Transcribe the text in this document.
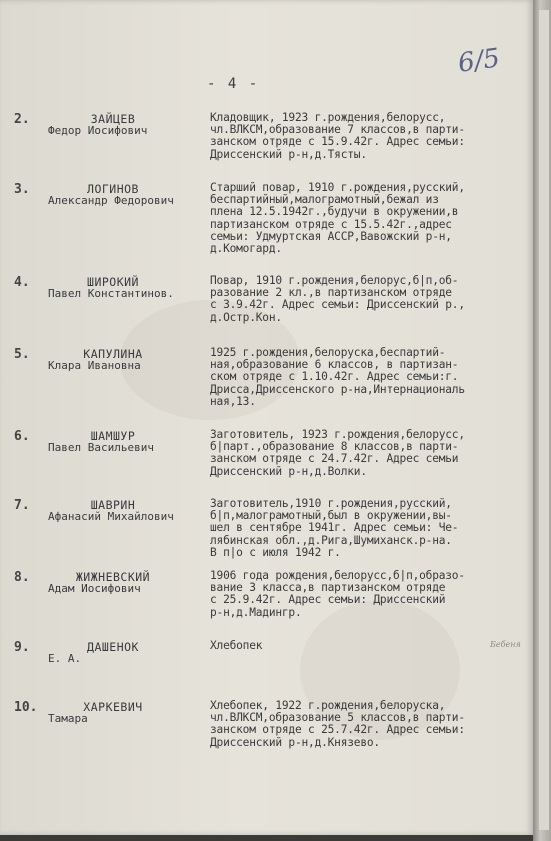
- 4 -
6/5
2.	ЗАЙЦЕВ
Федор Иосифович
Кладовщик, 1923 г.рождения,белорусс,
чл.ВЛКСМ,образование 7 классов,в парти-
занском отряде с 15.9.42г. Адрес семьи:
Дриссенский р-н,д.Тясты.
3.	ЛОГИНОВ
Александр Федорович
Старший повар, 1910 г.рождения,русский,
беспартийный,малограмотный,бежал из
плена 12.5.1942г.,будучи в окружении,в
партизанском отряде с 15.5.42г.,адрес
семьи: Удмуртская АССР,Вавожский р-н,
д.Комогард.
4.	ШИРОКИЙ
Павел Константинов.
Повар, 1910 г.рождения,белорус,б|п,об-
разование 2 кл.,в партизанском отряде
с 3.9.42г. Адрес семьи: Дриссенский р.,
д.Остр.Кон.
5.	КАПУЛИНА
Клара Ивановна
1925 г.рождения,белоруска,беспартий-
ная,образование 6 классов, в партизан-
ском отряде с 1.10.42г. Адрес семьи:г.
Дрисса,Дриссенского р-на,Интернациональ
ная,13.
6.	ШАМШУР
Павел Васильевич
Заготовитель, 1923 г.рождения,белорусс,
б|парт.,образование 8 классов,в парти-
занском отряде с 24.7.42г. Адрес семьи
Дриссенский р-н,д.Волки.
7.	ШАВРИН
Афанасий Михайлович
Заготовитель,1910 г.рождения,русский,
б|п,малограмотный,был в окружении,вы-
шел в сентябре 1941г. Адрес семьи: Че-
лябинская обл.,д.Рига,Шумиханск.р-на.
В п|о с июля 1942 г.
8.	ЖИЖНЕВСКИЙ
Адам Иосифович
1906 года рождения,белорусс,б|п,образо-
вание 3 класса,в партизанском отряде
с 25.9.42г. Адрес семьи: Дриссенский
р-н,д.Мадингр.
9.	ДАШЕНОК
Е. А.
Хлебопек
10.	ХАРКЕВИЧ
Тамара
Хлебопек, 1922 г.рождения,белоруска,
чл.ВЛКСМ,образование 5 классов,в парти-
занском отряде с 25.7.42г. Адрес семьи:
Дриссенский р-н,д.Князево.
Бебеня
